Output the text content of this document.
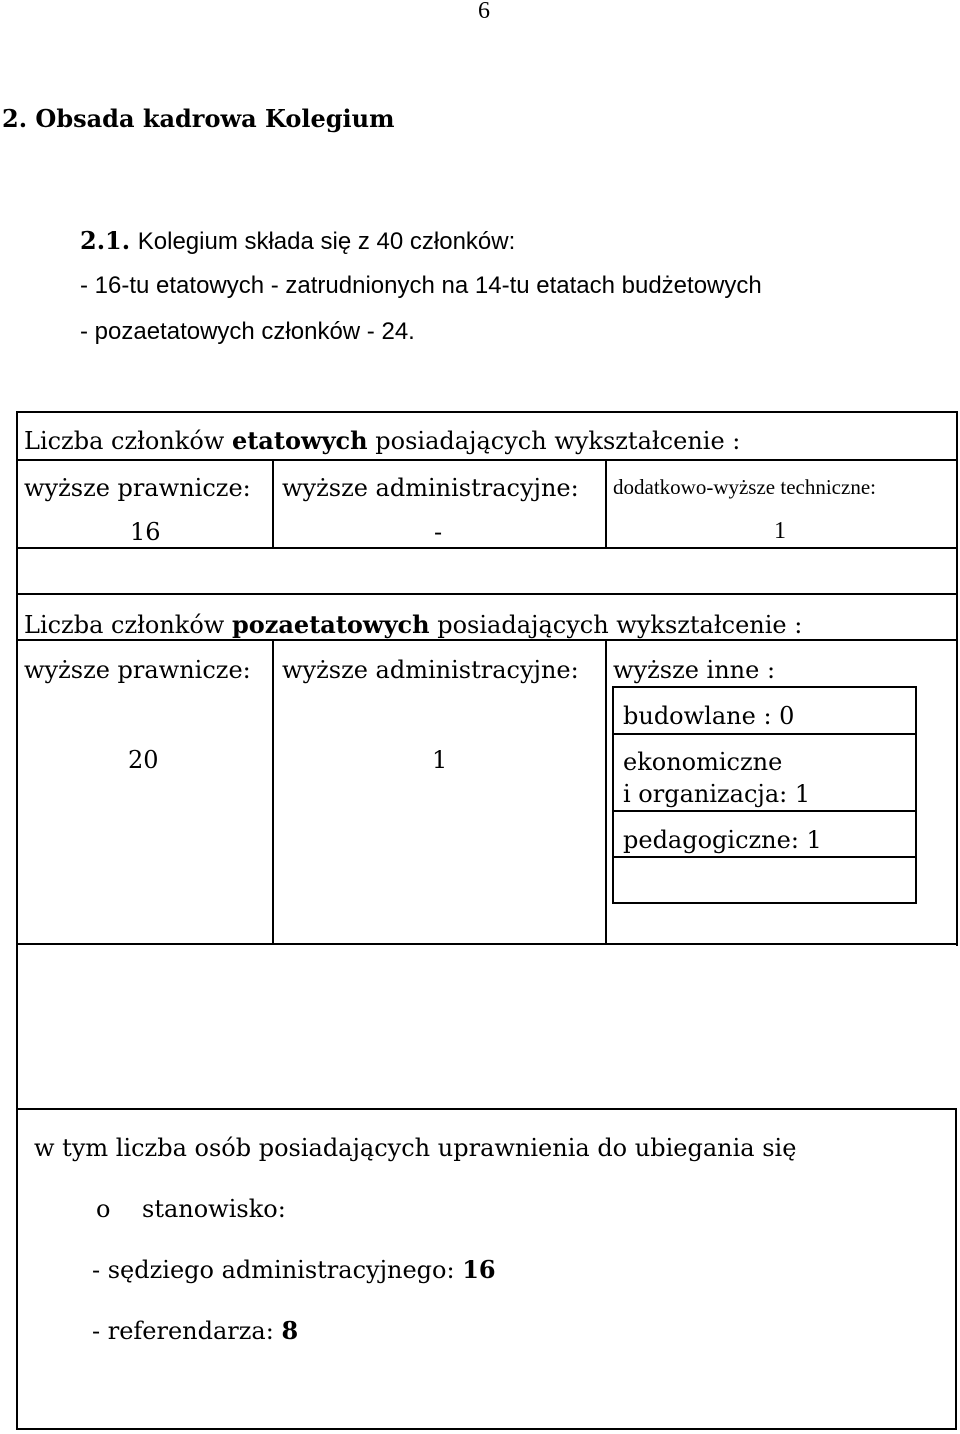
6
2. Obsada kadrowa Kolegium
2.1. Kolegium składa się z 40 członków:
- 16-tu etatowych - zatrudnionych na 14-tu etatach budżetowych
- pozaetatowych członków - 24.
Liczba członków etatowych posiadających wykształcenie :
wyższe prawnicze: wyższe administracyjne: dodatkowo-wyższe techniczne:
16	-	1
Liczba członków pozaetatowych posiadających wykształcenie :
wyższe prawnicze: wyższe administracyjne: wyższe inne :
20	1
budowlane : 0
ekonomiczne
i organizacja: 1
pedagogiczne: 1
w tym liczba osób posiadających uprawnienia do ubiegania się
o stanowisko:
- sędziego administracyjnego: 16
- referendarza: 8
